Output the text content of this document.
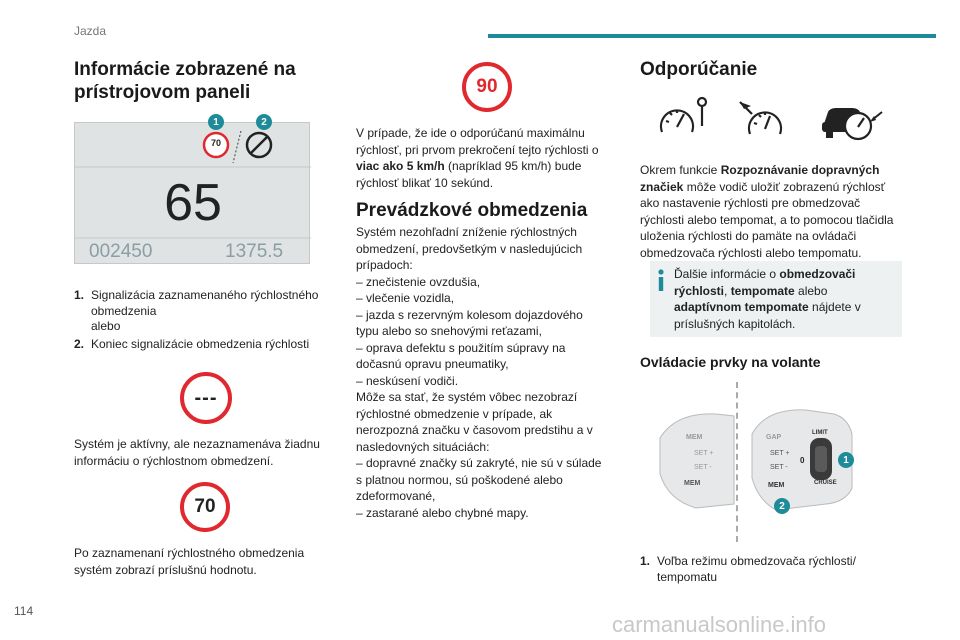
Jazda
Informácie zobrazené na prístrojovom paneli
70
65
002450	1375.5
1	2
1. Signalizácia zaznamenaného rýchlostného obmedzenia
alebo
2. Koniec signalizácie obmedzenia rýchlosti
---
Systém je aktívny, ale nezaznamenáva žiadnu informáciu o rýchlostnom obmedzení.
70
Po zaznamenaní rýchlostného obmedzenia systém zobrazí príslušnú hodnotu.
90
V prípade, že ide o odporúčanú maximálnu rýchlosť, pri prvom prekročení tejto rýchlosti o viac ako 5 km/h (napríklad 95 km/h) bude rýchlosť blikať 10 sekúnd.
Prevádzkové obmedzenia
Systém nezohľadní zníženie rýchlostných obmedzení, predovšetkým v nasledujúcich prípadoch:
– znečistenie ovzdušia,
– vlečenie vozidla,
– jazda s rezervným kolesom dojazdového typu alebo so snehovými reťazami,
– oprava defektu s použitím súpravy na dočasnú opravu pneumatiky,
– neskúsení vodiči.
Môže sa stať, že systém vôbec nezobrazí rýchlostné obmedzenie v prípade, ak nerozpozná značku v časovom predstihu a v nasledovných situáciách:
– dopravné značky sú zakryté, nie sú v súlade s platnou normou, sú poškodené alebo zdeformované,
– zastarané alebo chybné mapy.
Odporúčanie
Okrem funkcie Rozpoznávanie dopravných značiek môže vodič uložiť zobrazenú rýchlosť ako nastavenie rýchlosti pre obmedzovač rýchlosti alebo tempomat, a to pomocou tlačidla uloženia rýchlosti do pamäte na ovládači obmedzovača rýchlosti alebo tempomatu.
Ďalšie informácie o obmedzovači rýchlosti, tempomate alebo adaptívnom tempomate nájdete v príslušných kapitolách.
Ovládacie prvky na volante
MEM
SET +
SET -
MEM
GAP
SET +
SET -
MEM
LIMIT
CRUISE
0	1
2
1. Voľba režimu obmedzovača rýchlosti/ tempomatu
114
carmanualsonline.info
